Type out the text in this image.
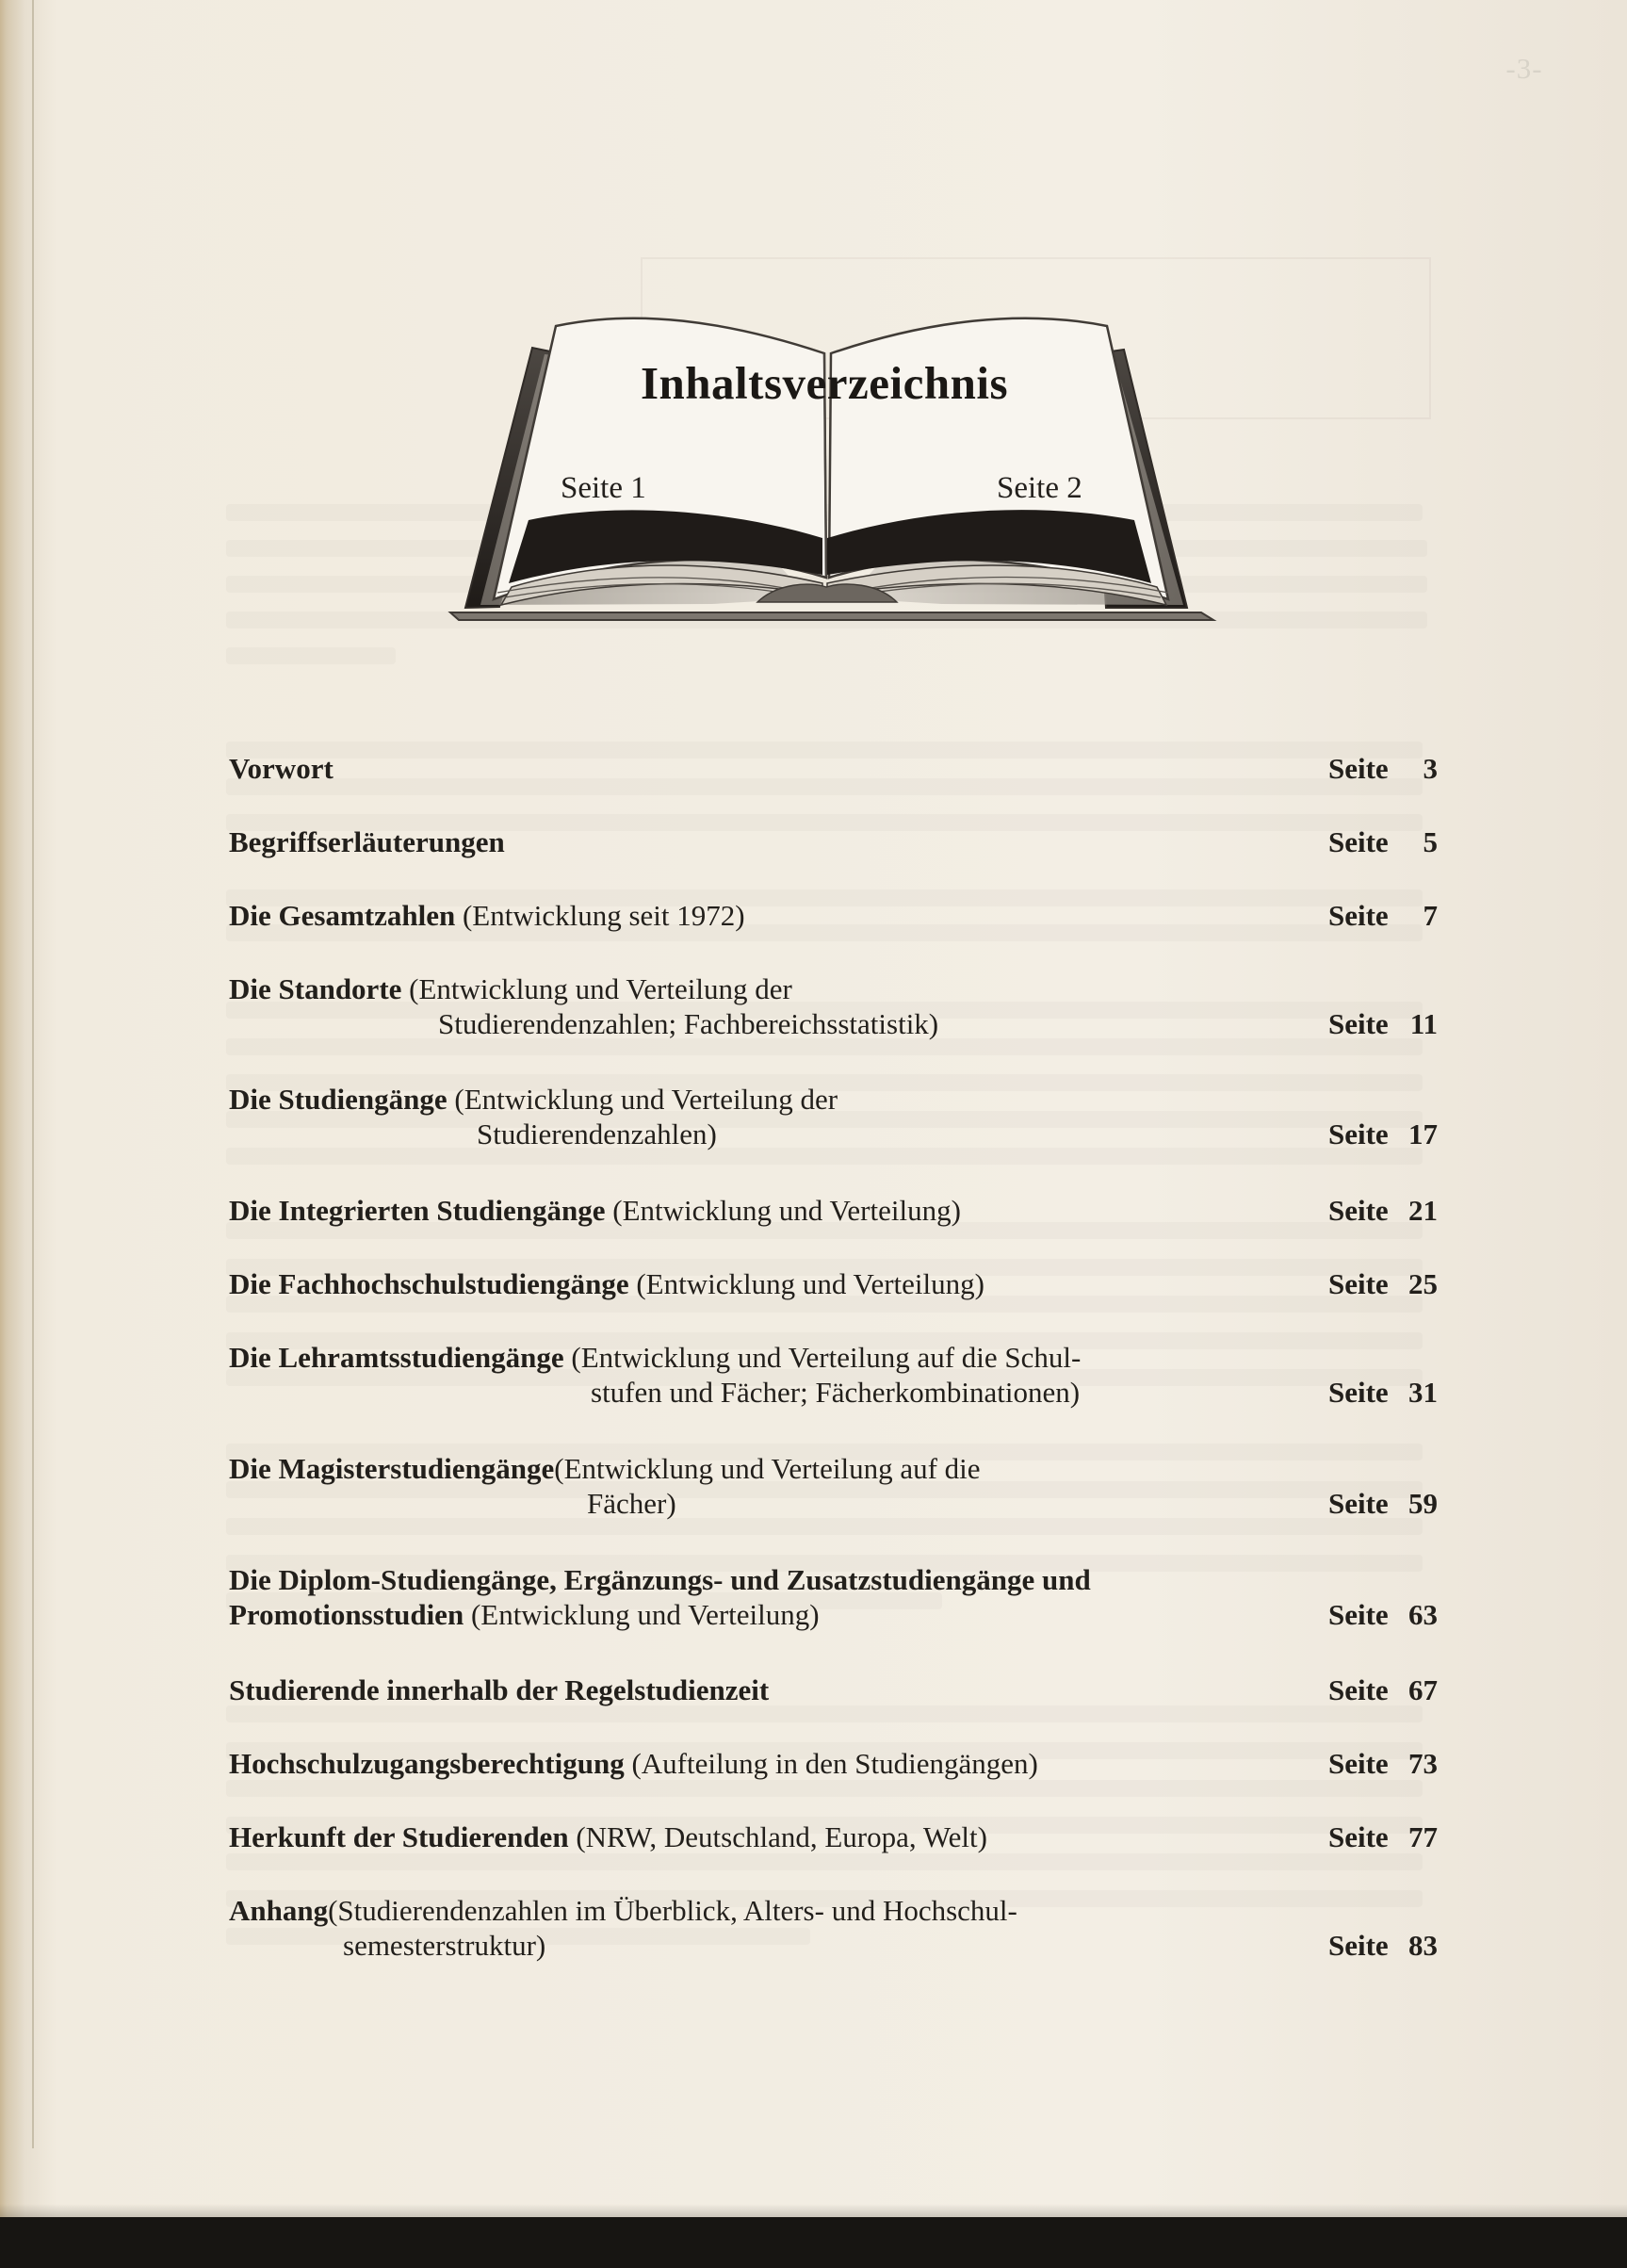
-3-
Inhaltsverzeichnis
Seite 1	Seite 2
Vorwort	Seite 3
Begriffserläuterungen	Seite 5
Die Gesamtzahlen (Entwicklung seit 1972)	Seite 7
Die Standorte (Entwicklung und Verteilung der
Studierendenzahlen; Fachbereichsstatistik)	Seite 11
Die Studiengänge (Entwicklung und Verteilung der
Studierendenzahlen)	Seite 17
Die Integrierten Studiengänge (Entwicklung und Verteilung)	Seite 21
Die Fachhochschulstudiengänge (Entwicklung und Verteilung)	Seite 25
Die Lehramtsstudiengänge (Entwicklung und Verteilung auf die Schul-
stufen und Fächer; Fächerkombinationen)	Seite 31
Die Magisterstudiengänge(Entwicklung und Verteilung auf die
Fächer)	Seite 59
Die Diplom-Studiengänge, Ergänzungs- und Zusatzstudiengänge und
Promotionsstudien (Entwicklung und Verteilung)	Seite 63
Studierende innerhalb der Regelstudienzeit	Seite 67
Hochschulzugangsberechtigung (Aufteilung in den Studiengängen)	Seite 73
Herkunft der Studierenden (NRW, Deutschland, Europa, Welt)	Seite 77
Anhang(Studierendenzahlen im Überblick, Alters- und Hochschul-
semesterstruktur)	Seite 83
